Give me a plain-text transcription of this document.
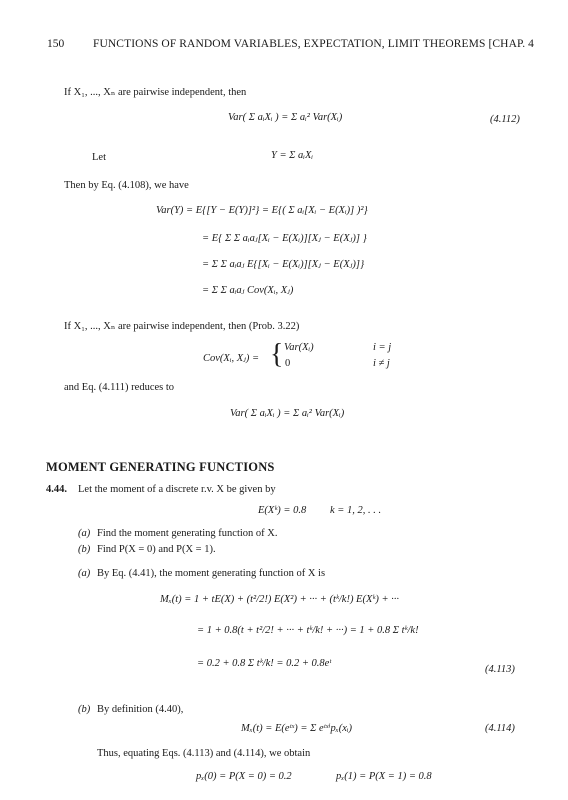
150	FUNCTIONS OF RANDOM VARIABLES, EXPECTATION, LIMIT THEOREMS [CHAP. 4
If X₁, ..., Xₙ are pairwise independent, then
Var( Σ aᵢXᵢ ) = Σ aᵢ² Var(Xᵢ)	(4.112)
Let	Y = Σ aᵢXᵢ
Then by Eq. (4.108), we have
Var(Y) = E{[Y − E(Y)]²} = E{( Σ aᵢ[Xᵢ − E(Xᵢ)] )²}
= E{ Σ Σ aᵢaⱼ[Xᵢ − E(Xᵢ)][Xⱼ − E(Xⱼ)] }
= Σ Σ aᵢaⱼ E{[Xᵢ − E(Xᵢ)][Xⱼ − E(Xⱼ)]}
= Σ Σ aᵢaⱼ Cov(Xᵢ, Xⱼ)
If X₁, ..., Xₙ are pairwise independent, then (Prob. 3.22)
Cov(Xᵢ, Xⱼ) = { Var(Xᵢ)	i = j
0	i ≠ j
and Eq. (4.111) reduces to
Var( Σ aᵢXᵢ ) = Σ aᵢ² Var(Xᵢ)
MOMENT GENERATING FUNCTIONS
4.44. Let the moment of a discrete r.v. X be given by
E(Xᵏ) = 0.8 k = 1, 2, . . .
(a) Find the moment generating function of X.
(b) Find P(X = 0) and P(X = 1).
(a) By Eq. (4.41), the moment generating function of X is
Mₓ(t) = 1 + tE(X) + (t²/2!) E(X²) + ··· + (tᵏ/k!) E(Xᵏ) + ···
= 1 + 0.8(t + t²/2! + ··· + tᵏ/k! + ···) = 1 + 0.8 Σ tᵏ/k!
= 0.2 + 0.8 Σ tᵏ/k! = 0.2 + 0.8eᵗ
(4.113)
(b) By definition (4.40),
Mₓ(t) = E(eᵗˣ) = Σ eᵗˣⁱpₓ(xᵢ)	(4.114)
Thus, equating Eqs. (4.113) and (4.114), we obtain
pₓ(0) = P(X = 0) = 0.2	pₓ(1) = P(X = 1) = 0.8
